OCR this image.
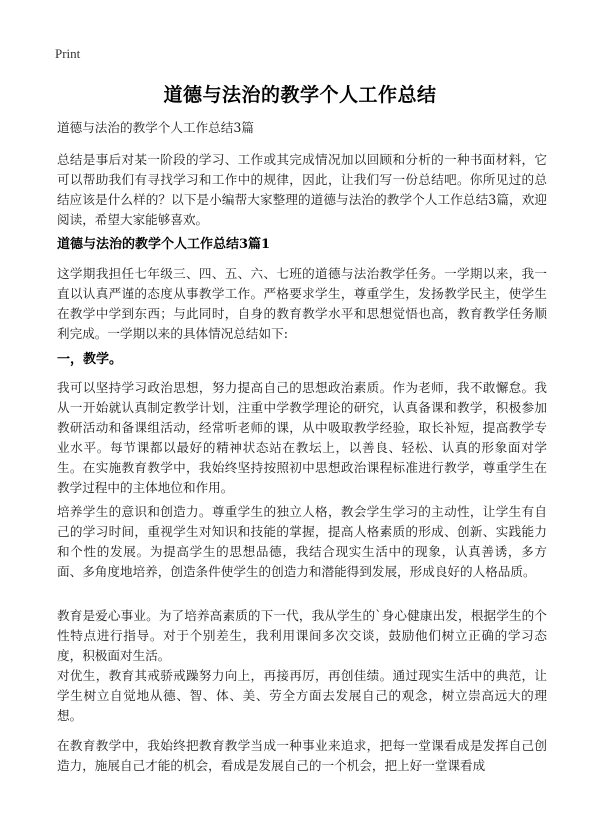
Print
道德与法治的教学个人工作总结
道德与法治的教学个人工作总结3篇
总结是事后对某一阶段的学习、工作或其完成情况加以回顾和分析的一种书面材料，它可以帮助我们有寻找学习和工作中的规律，因此，让我们写一份总结吧。你所见过的总结应该是什么样的？以下是小编帮大家整理的道德与法治的教学个人工作总结3篇，欢迎阅读，希望大家能够喜欢。
道德与法治的教学个人工作总结3篇1
这学期我担任七年级三、四、五、六、七班的道德与法治教学任务。一学期以来，我一直以认真严谨的态度从事教学工作。严格要求学生，尊重学生，发扬教学民主，使学生在教学中学到东西；与此同时，自身的教育教学水平和思想觉悟也高，教育教学任务顺利完成。一学期以来的具体情况总结如下:
一，教学。
我可以坚持学习政治思想，努力提高自己的思想政治素质。作为老师，我不敢懈怠。我从一开始就认真制定教学计划，注重中学教学理论的研究，认真备课和教学，积极参加教研活动和备课组活动，经常听老师的课，从中吸取教学经验，取长补短，提高教学专业水平。每节课都以最好的精神状态站在教坛上，以善良、轻松、认真的形象面对学生。在实施教育教学中，我始终坚持按照初中思想政治课程标准进行教学，尊重学生在教学过程中的主体地位和作用。
培养学生的意识和创造力。尊重学生的独立人格，教会学生学习的主动性，让学生有自己的学习时间，重视学生对知识和技能的掌握，提高人格素质的形成、创新、实践能力和个性的发展。为提高学生的思想品德，我结合现实生活中的现象，认真善诱，多方面、多角度地培养，创造条件使学生的创造力和潜能得到发展，形成良好的人格品质。
教育是爱心事业。为了培养高素质的下一代，我从学生的`身心健康出发，根据学生的个性特点进行指导。对于个别差生，我利用课间多次交谈，鼓励他们树立正确的学习态度，积极面对生活。
对优生，教育其戒骄戒躁努力向上，再接再厉，再创佳绩。通过现实生活中的典范，让学生树立自觉地从德、智、体、美、劳全方面去发展自己的观念，树立崇高远大的理想。
在教育教学中，我始终把教育教学当成一种事业来追求，把每一堂课看成是发挥自己创造力，施展自己才能的机会，看成是发展自己的一个机会，把上好一堂课看成
